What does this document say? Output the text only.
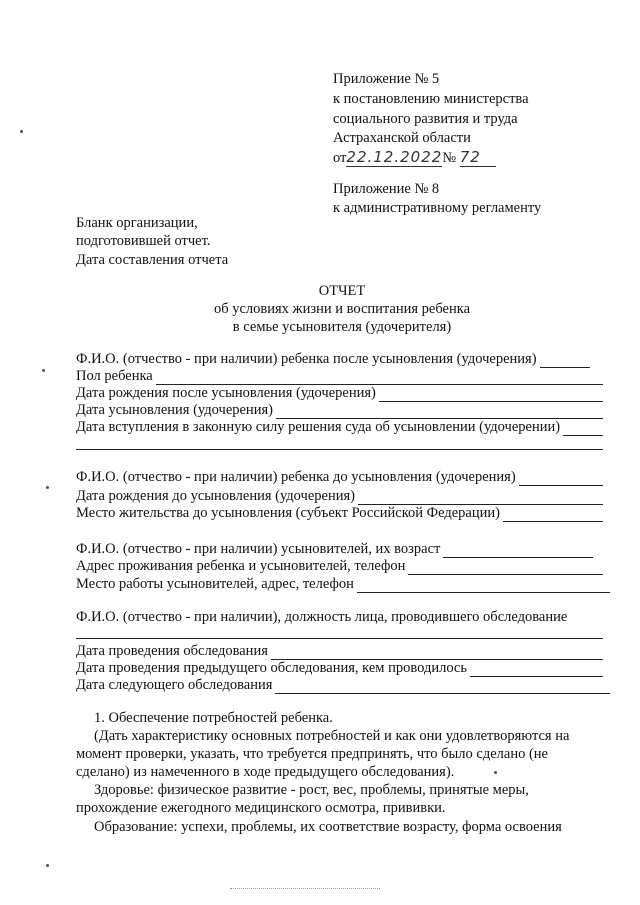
Приложение № 5
к постановлению министерства
социального развития и труда
Астраханской области
от22.12.2022№ 72
Приложение № 8
к административному регламенту
Бланк организации,
подготовившей отчет.
Дата составления отчета
ОТЧЕТ
об условиях жизни и воспитания ребенка
в семье усыновителя (удочерителя)
Ф.И.О. (отчество - при наличии) ребенка после усыновления (удочерения)
Пол ребенка
Дата рождения после усыновления (удочерения)
Дата усыновления (удочерения)
Дата вступления в законную силу решения суда об усыновлении (удочерении)
Ф.И.О. (отчество - при наличии) ребенка до усыновления (удочерения)
Дата рождения до усыновления (удочерения)
Место жительства до усыновления (субъект Российской Федерации)
Ф.И.О. (отчество - при наличии) усыновителей, их возраст
Адрес проживания ребенка и усыновителей, телефон
Место работы усыновителей, адрес, телефон
Ф.И.О. (отчество - при наличии), должность лица, проводившего обследование
Дата проведения обследования
Дата проведения предыдущего обследования, кем проводилось
Дата следующего обследования
1. Обеспечение потребностей ребенка.
(Дать характеристику основных потребностей и как они удовлетворяются на
момент проверки, указать, что требуется предпринять, что было сделано (не
сделано) из намеченного в ходе предыдущего обследования).
Здоровье: физическое развитие - рост, вес, проблемы, принятые меры,
прохождение ежегодного медицинского осмотра, прививки.
Образование: успехи, проблемы, их соответствие возрасту, форма освоения
